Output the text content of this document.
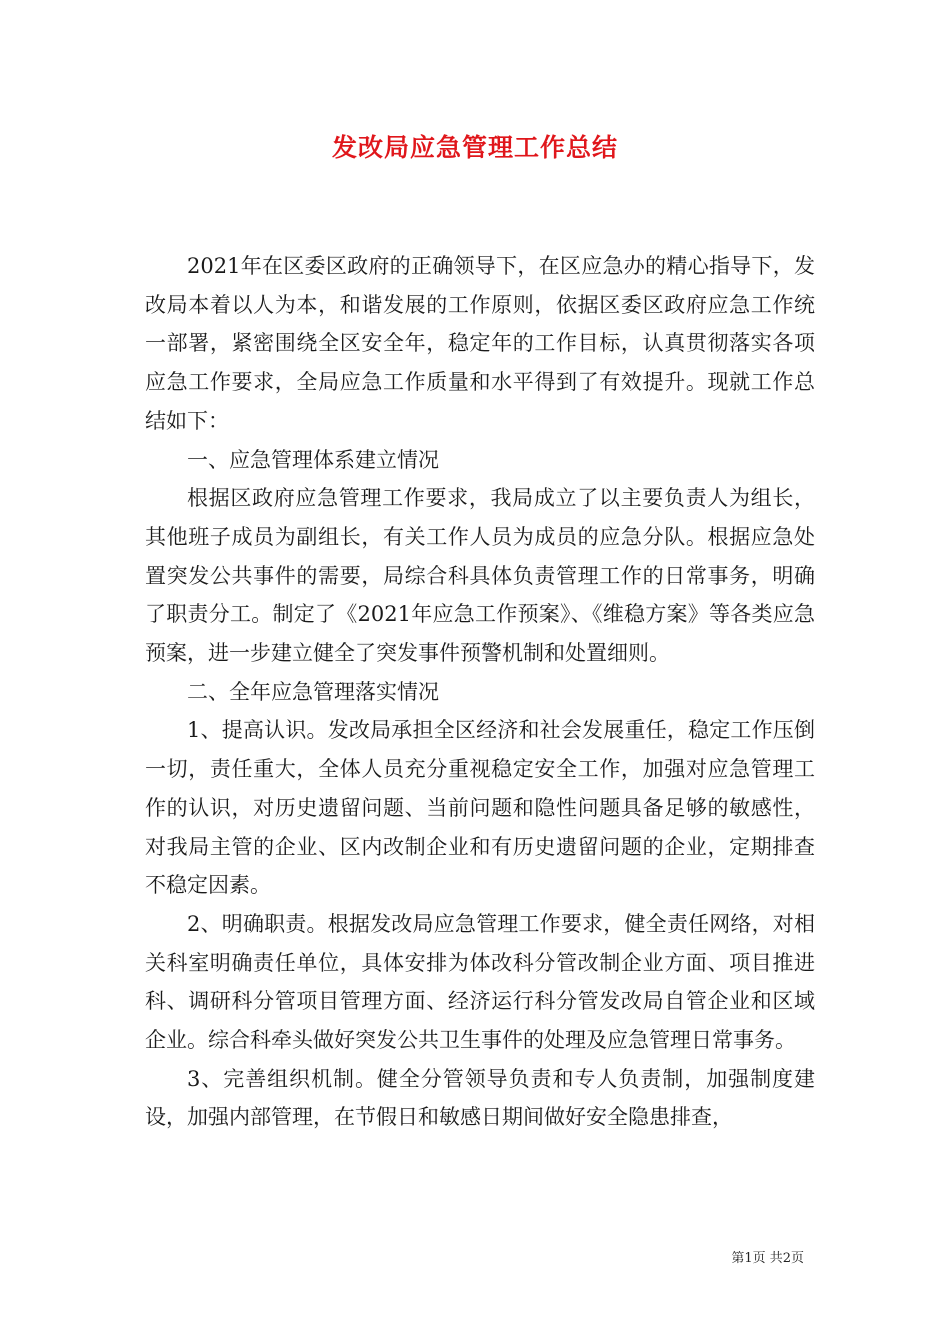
发改局应急管理工作总结

2021年在区委区政府的正确领导下，在区应急办的精心指导下，发改局本着以人为本，和谐发展的工作原则，依据区委区政府应急工作统一部署，紧密围绕全区安全年，稳定年的工作目标，认真贯彻落实各项应急工作要求，全局应急工作质量和水平得到了有效提升。现就工作总结如下：

一、应急管理体系建立情况

根据区政府应急管理工作要求，我局成立了以主要负责人为组长，其他班子成员为副组长，有关工作人员为成员的应急分队。根据应急处置突发公共事件的需要，局综合科具体负责管理工作的日常事务，明确了职责分工。制定了《2021年应急工作预案》、《维稳方案》等各类应急预案，进一步建立健全了突发事件预警机制和处置细则。

二、全年应急管理落实情况

1、提高认识。发改局承担全区经济和社会发展重任，稳定工作压倒一切，责任重大，全体人员充分重视稳定安全工作，加强对应急管理工作的认识，对历史遗留问题、当前问题和隐性问题具备足够的敏感性，对我局主管的企业、区内改制企业和有历史遗留问题的企业，定期排查不稳定因素。

2、明确职责。根据发改局应急管理工作要求，健全责任网络，对相关科室明确责任单位，具体安排为体改科分管改制企业方面、项目推进科、调研科分管项目管理方面、经济运行科分管发改局自管企业和区域企业。综合科牵头做好突发公共卫生事件的处理及应急管理日常事务。

3、完善组织机制。健全分管领导负责和专人负责制，加强制度建设，加强内部管理，在节假日和敏感日期间做好安全隐患排查，

第1页 共2页
